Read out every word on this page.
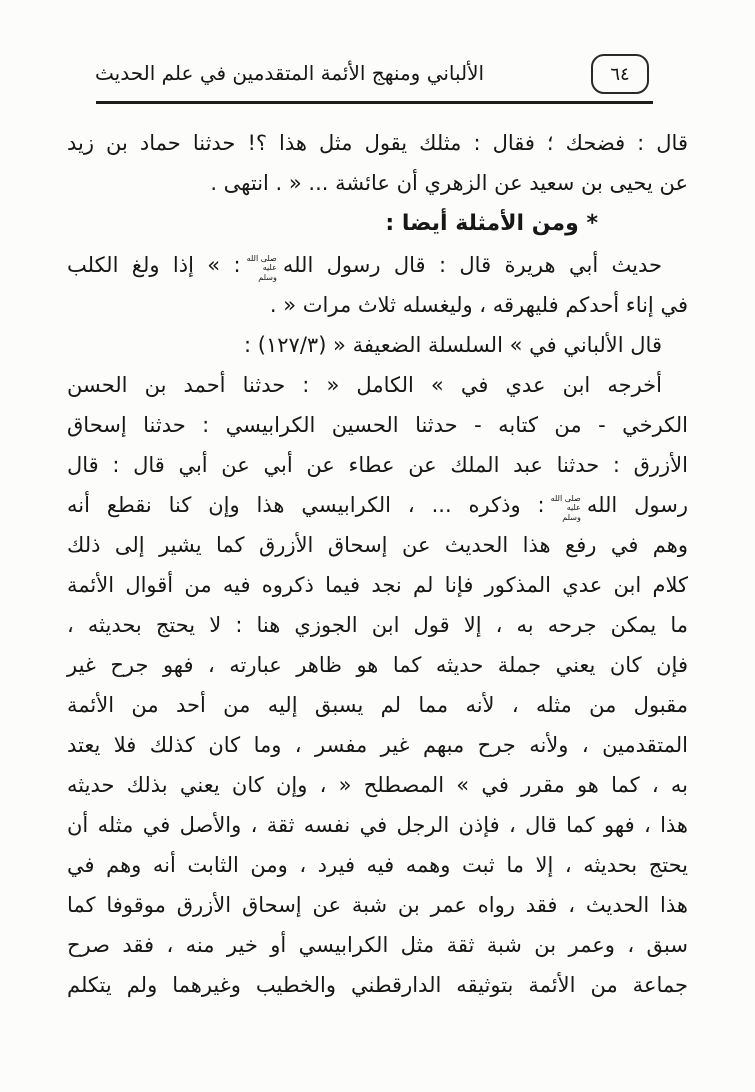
الألباني ومنهج الأئمة المتقدمين في علم الحديث	٦٤
قال : فضحك ؛ فقال : مثلك يقول مثل هذا ؟! حدثنا حماد بن زيد
عن يحيى بن سعيد عن الزهري أن عائشة ... « . انتهى .
* ومن الأمثلة أيضا :
حديث أبي هريرة قال : قال رسول الله
صلى الله
عليه
وسلم
: » إذا ولغ الكلب
في إناء أحدكم فليهرقه ، وليغسله ثلاث مرات « .
قال الألباني في » السلسلة الضعيفة « (١٢٧/٣) :
أخرجه ابن عدي في » الكامل « : حدثنا أحمد بن الحسن
الكرخي - من كتابه - حدثنا الحسين الكرابيسي : حدثنا إسحاق
الأزرق : حدثنا عبد الملك عن عطاء عن أبي عن أبي قال : قال
رسول الله
صلى الله
عليه
وسلم
: وذكره ... ، الكرابيسي هذا وإن كنا نقطع أنه
وهم في رفع هذا الحديث عن إسحاق الأزرق كما يشير إلى ذلك
كلام ابن عدي المذكور فإنا لم نجد فيما ذكروه فيه من أقوال الأئمة
ما يمكن جرحه به ، إلا قول ابن الجوزي هنا : لا يحتج بحديثه ،
فإن كان يعني جملة حديثه كما هو ظاهر عبارته ، فهو جرح غير
مقبول من مثله ، لأنه مما لم يسبق إليه من أحد من الأئمة
المتقدمين ، ولأنه جرح مبهم غير مفسر ، وما كان كذلك فلا يعتد
به ، كما هو مقرر في » المصطلح « ، وإن كان يعني بذلك حديثه
هذا ، فهو كما قال ، فإذن الرجل في نفسه ثقة ، والأصل في مثله أن
يحتج بحديثه ، إلا ما ثبت وهمه فيه فيرد ، ومن الثابت أنه وهم في
هذا الحديث ، فقد رواه عمر بن شبة عن إسحاق الأزرق موقوفا كما
سبق ، وعمر بن شبة ثقة مثل الكرابيسي أو خير منه ، فقد صرح
جماعة من الأئمة بتوثيقه الدارقطني والخطيب وغيرهما ولم يتكلم
